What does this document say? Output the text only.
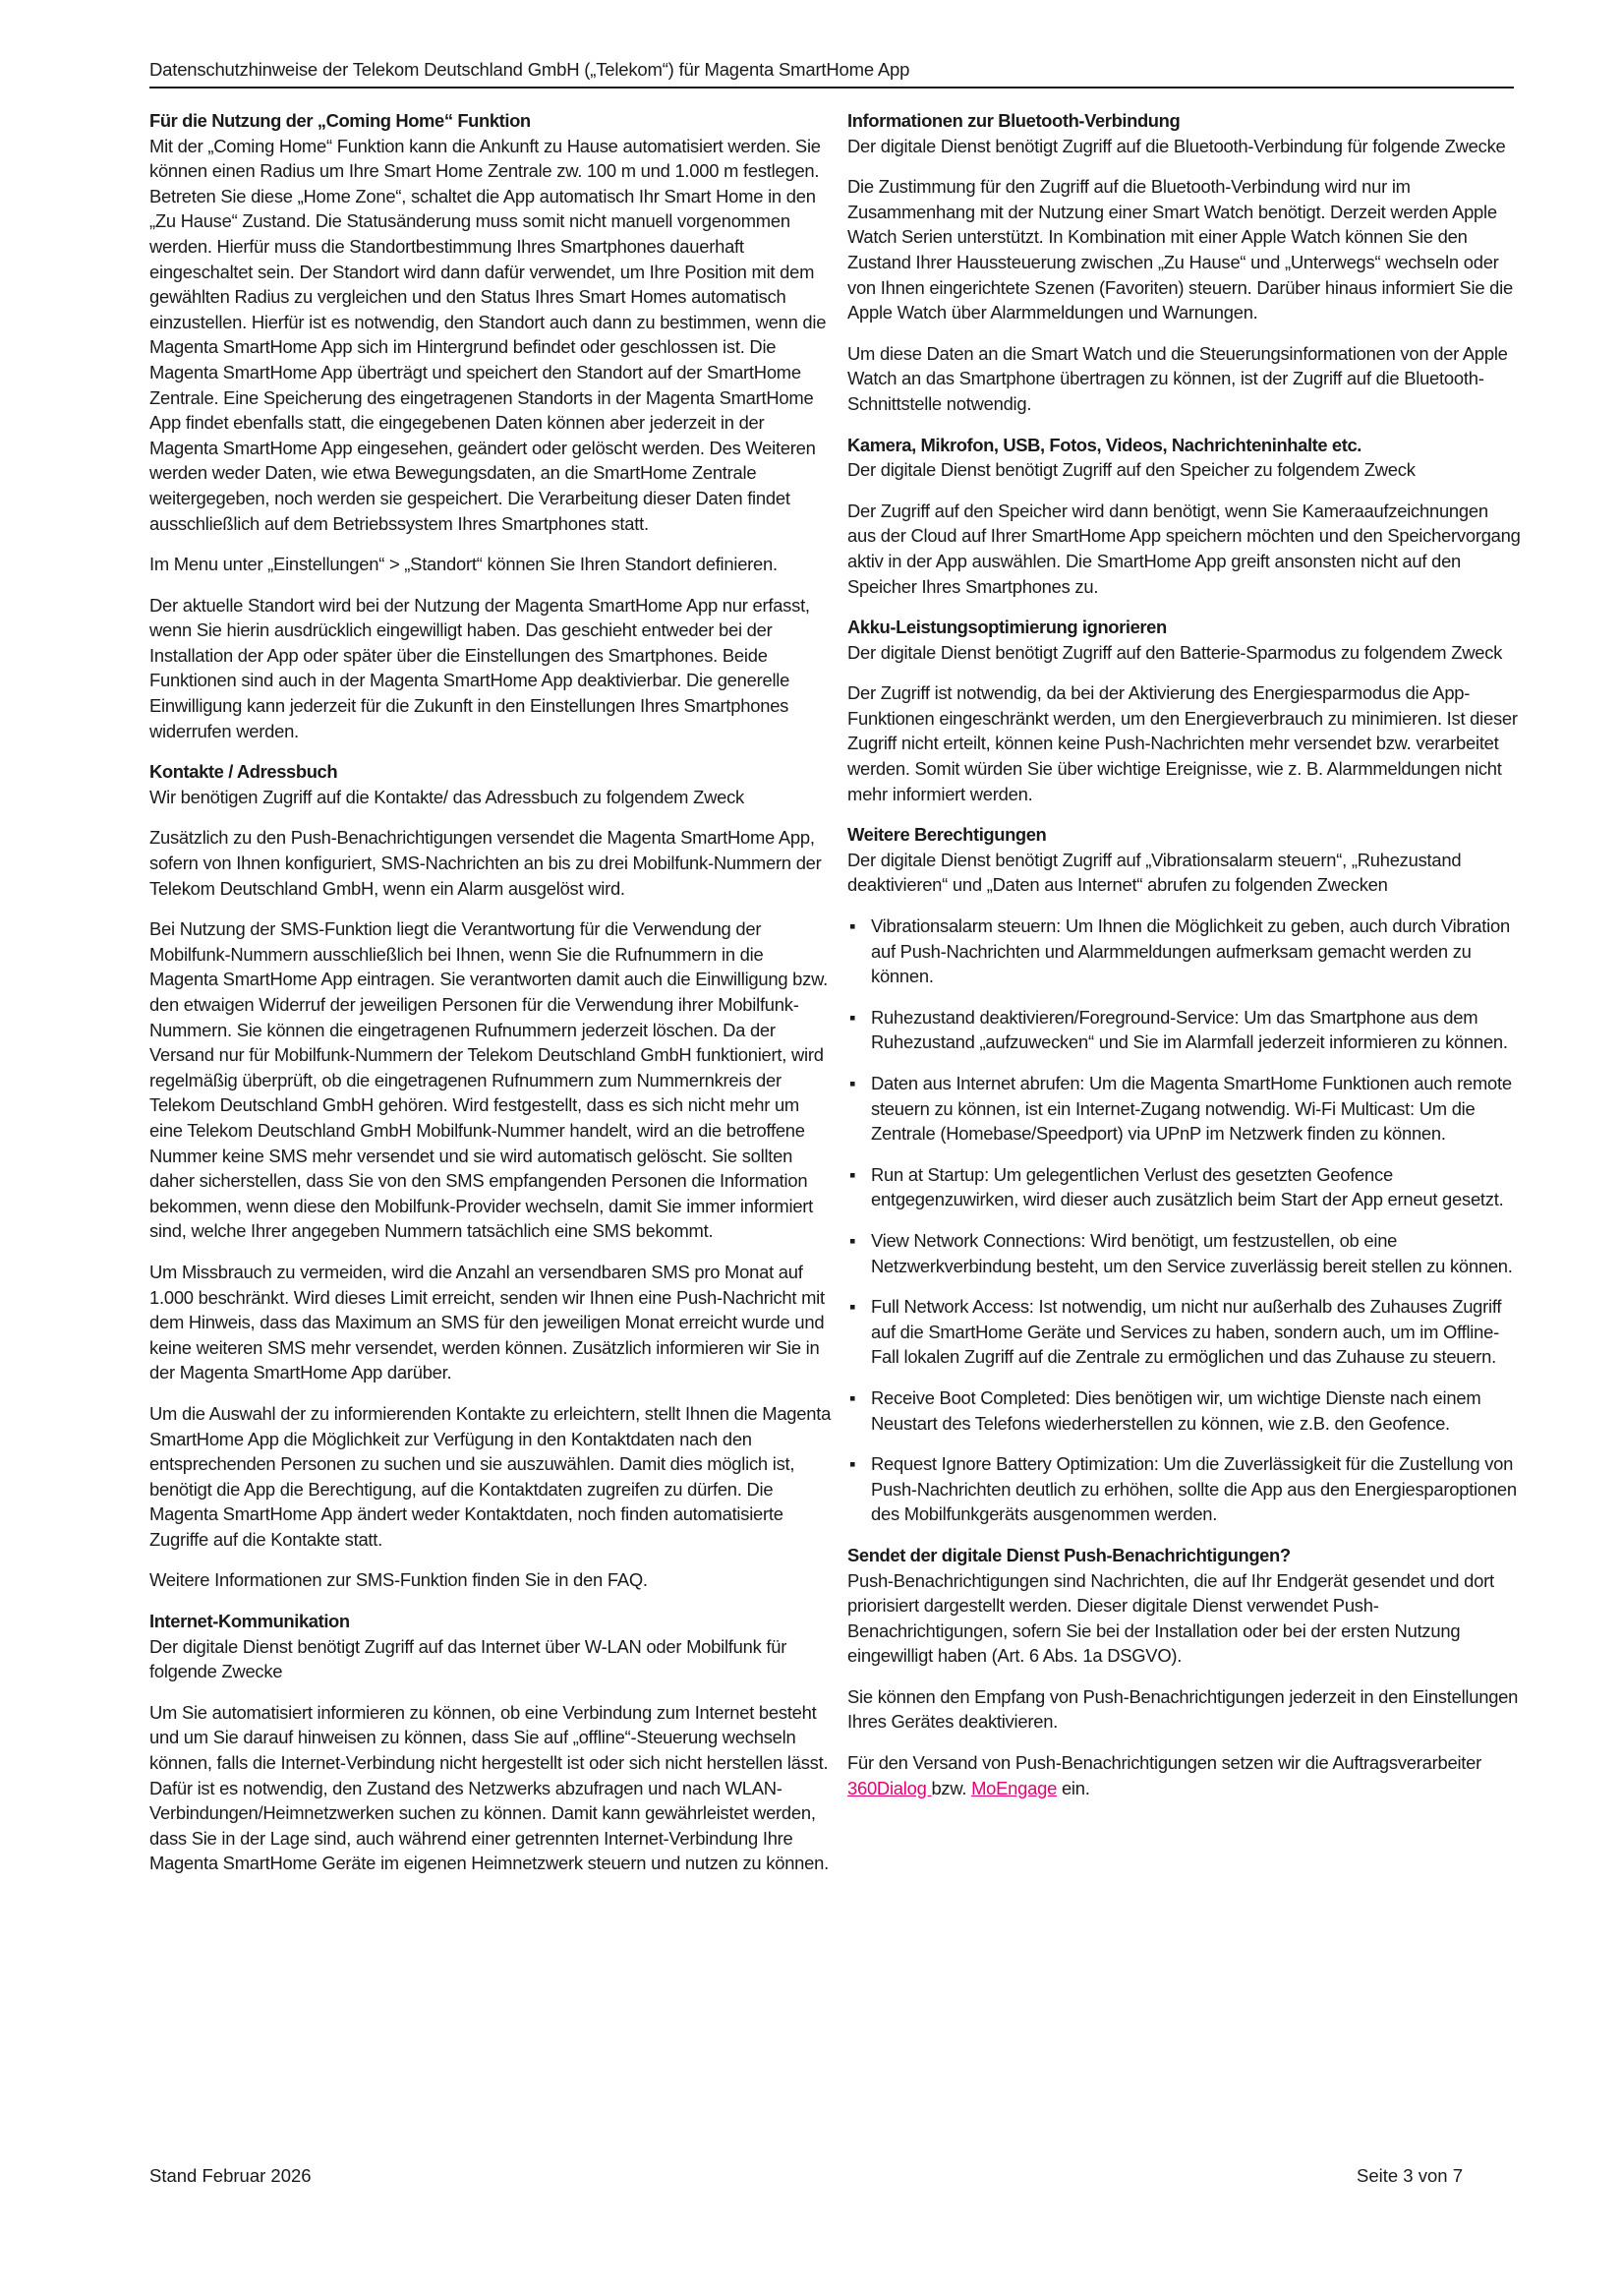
Datenschutzhinweise der Telekom Deutschland GmbH („Telekom“) für Magenta SmartHome App
Für die Nutzung der „Coming Home“ Funktion

Mit der „Coming Home“ Funktion kann die Ankunft zu Hause automatisiert werden. Sie können einen Radius um Ihre Smart Home Zentrale zw. 100 m und 1.000 m festlegen. Betreten Sie diese „Home Zone“, schaltet die App automatisch Ihr Smart Home in den „Zu Hause“ Zustand. Die Statusänderung muss somit nicht manuell vorgenommen werden. Hierfür muss die Standortbestimmung Ihres Smartphones dauerhaft eingeschaltet sein. Der Standort wird dann dafür verwendet, um Ihre Position mit dem gewählten Radius zu vergleichen und den Status Ihres Smart Homes automatisch einzustellen. Hierfür ist es notwendig, den Standort auch dann zu bestimmen, wenn die Magenta SmartHome App sich im Hintergrund befindet oder geschlossen ist. Die Magenta SmartHome App überträgt und speichert den Standort auf der SmartHome Zentrale. Eine Speicherung des eingetragenen Standorts in der Magenta SmartHome App findet ebenfalls statt, die eingegebenen Daten können aber jederzeit in der Magenta SmartHome App eingesehen, geändert oder gelöscht werden. Des Weiteren werden weder Daten, wie etwa Bewegungsdaten, an die SmartHome Zentrale weitergegeben, noch werden sie gespeichert. Die Verarbeitung dieser Daten findet ausschließlich auf dem Betriebssystem Ihres Smartphones statt.

Im Menu unter „Einstellungen“ > „Standort“ können Sie Ihren Standort definieren.

Der aktuelle Standort wird bei der Nutzung der Magenta SmartHome App nur erfasst, wenn Sie hierin ausdrücklich eingewilligt haben. Das geschieht entweder bei der Installation der App oder später über die Einstellungen des Smartphones. Beide Funktionen sind auch in der Magenta SmartHome App deaktivierbar. Die generelle Einwilligung kann jederzeit für die Zukunft in den Einstellungen Ihres Smartphones widerrufen werden.

Kontakte / Adressbuch

Wir benötigen Zugriff auf die Kontakte/ das Adressbuch zu folgendem Zweck

Zusätzlich zu den Push-Benachrichtigungen versendet die Magenta SmartHome App, sofern von Ihnen konfiguriert, SMS-Nachrichten an bis zu drei Mobilfunk-Nummern der Telekom Deutschland GmbH, wenn ein Alarm ausgelöst wird.

Bei Nutzung der SMS-Funktion liegt die Verantwortung für die Verwendung der Mobilfunk-Nummern ausschließlich bei Ihnen, wenn Sie die Rufnummern in die Magenta SmartHome App eintragen. Sie verantworten damit auch die Einwilligung bzw. den etwaigen Widerruf der jeweiligen Personen für die Verwendung ihrer Mobilfunk-Nummern. Sie können die eingetragenen Rufnummern jederzeit löschen. Da der Versand nur für Mobilfunk-Nummern der Telekom Deutschland GmbH funktioniert, wird regelmäßig überprüft, ob die eingetragenen Rufnummern zum Nummernkreis der Telekom Deutschland GmbH gehören. Wird festgestellt, dass es sich nicht mehr um eine Telekom Deutschland GmbH Mobilfunk-Nummer handelt, wird an die betroffene Nummer keine SMS mehr versendet und sie wird automatisch gelöscht. Sie sollten daher sicherstellen, dass Sie von den SMS empfangenden Personen die Information bekommen, wenn diese den Mobilfunk-Provider wechseln, damit Sie immer informiert sind, welche Ihrer angegeben Nummern tatsächlich eine SMS bekommt.

Um Missbrauch zu vermeiden, wird die Anzahl an versendbaren SMS pro Monat auf 1.000 beschränkt. Wird dieses Limit erreicht, senden wir Ihnen eine Push-Nachricht mit dem Hinweis, dass das Maximum an SMS für den jeweiligen Monat erreicht wurde und keine weiteren SMS mehr versendet, werden können. Zusätzlich informieren wir Sie in der Magenta SmartHome App darüber.

Um die Auswahl der zu informierenden Kontakte zu erleichtern, stellt Ihnen die Magenta SmartHome App die Möglichkeit zur Verfügung in den Kontaktdaten nach den entsprechenden Personen zu suchen und sie auszuwählen. Damit dies möglich ist, benötigt die App die Berechtigung, auf die Kontaktdaten zugreifen zu dürfen. Die Magenta SmartHome App ändert weder Kontaktdaten, noch finden automatisierte Zugriffe auf die Kontakte statt.

Weitere Informationen zur SMS-Funktion finden Sie in den FAQ.

Internet-Kommunikation

Der digitale Dienst benötigt Zugriff auf das Internet über W-LAN oder Mobilfunk für folgende Zwecke

Um Sie automatisiert informieren zu können, ob eine Verbindung zum Internet besteht und um Sie darauf hinweisen zu können, dass Sie auf „offline“-Steuerung wechseln können, falls die Internet-Verbindung nicht hergestellt ist oder sich nicht herstellen lässt. Dafür ist es notwendig, den Zustand des Netzwerks abzufragen und nach WLAN-Verbindungen/Heimnetzwerken suchen zu können. Damit kann gewährleistet werden, dass Sie in der Lage sind, auch während einer getrennten Internet-Verbindung Ihre Magenta SmartHome Geräte im eigenen Heimnetzwerk steuern und nutzen zu können.

Informationen zur Bluetooth-Verbindung

Der digitale Dienst benötigt Zugriff auf die Bluetooth-Verbindung für folgende Zwecke

Die Zustimmung für den Zugriff auf die Bluetooth-Verbindung wird nur im Zusammenhang mit der Nutzung einer Smart Watch benötigt. Derzeit werden Apple Watch Serien unterstützt. In Kombination mit einer Apple Watch können Sie den Zustand Ihrer Haussteuerung zwischen „Zu Hause“ und „Unterwegs“ wechseln oder von Ihnen eingerichtete Szenen (Favoriten) steuern. Darüber hinaus informiert Sie die Apple Watch über Alarmmeldungen und Warnungen.

Um diese Daten an die Smart Watch und die Steuerungsinformationen von der Apple Watch an das Smartphone übertragen zu können, ist der Zugriff auf die Bluetooth-Schnittstelle notwendig.

Kamera, Mikrofon, USB, Fotos, Videos, Nachrichteninhalte etc.

Der digitale Dienst benötigt Zugriff auf den Speicher zu folgendem Zweck

Der Zugriff auf den Speicher wird dann benötigt, wenn Sie Kameraaufzeichnungen aus der Cloud auf Ihrer SmartHome App speichern möchten und den Speichervorgang aktiv in der App auswählen. Die SmartHome App greift ansonsten nicht auf den Speicher Ihres Smartphones zu.

Akku-Leistungsoptimierung ignorieren

Der digitale Dienst benötigt Zugriff auf den Batterie-Sparmodus zu folgendem Zweck

Der Zugriff ist notwendig, da bei der Aktivierung des Energiesparmodus die App-Funktionen eingeschränkt werden, um den Energieverbrauch zu minimieren. Ist dieser Zugriff nicht erteilt, können keine Push-Nachrichten mehr versendet bzw. verarbeitet werden. Somit würden Sie über wichtige Ereignisse, wie z. B. Alarmmeldungen nicht mehr informiert werden.

Weitere Berechtigungen

Der digitale Dienst benötigt Zugriff auf „Vibrationsalarm steuern“, „Ruhezustand deaktivieren“ und „Daten aus Internet“ abrufen zu folgenden Zwecken

▪ Vibrationsalarm steuern: Um Ihnen die Möglichkeit zu geben, auch durch Vibration auf Push-Nachrichten und Alarmmeldungen aufmerksam gemacht werden zu können.
▪ Ruhezustand deaktivieren/Foreground-Service: Um das Smartphone aus dem Ruhezustand „aufzuwecken“ und Sie im Alarmfall jederzeit informieren zu können.
▪ Daten aus Internet abrufen: Um die Magenta SmartHome Funktionen auch remote steuern zu können, ist ein Internet-Zugang notwendig. Wi-Fi Multicast: Um die Zentrale (Homebase/Speedport) via UPnP im Netzwerk finden zu können.
▪ Run at Startup: Um gelegentlichen Verlust des gesetzten Geofence entgegenzuwirken, wird dieser auch zusätzlich beim Start der App erneut gesetzt.
▪ View Network Connections: Wird benötigt, um festzustellen, ob eine Netzwerkverbindung besteht, um den Service zuverlässig bereit stellen zu können.
▪ Full Network Access: Ist notwendig, um nicht nur außerhalb des Zuhauses Zugriff auf die SmartHome Geräte und Services zu haben, sondern auch, um im Offline-Fall lokalen Zugriff auf die Zentrale zu ermöglichen und das Zuhause zu steuern.
▪ Receive Boot Completed: Dies benötigen wir, um wichtige Dienste nach einem Neustart des Telefons wiederherstellen zu können, wie z.B. den Geofence.
▪ Request Ignore Battery Optimization: Um die Zuverlässigkeit für die Zustellung von Push-Nachrichten deutlich zu erhöhen, sollte die App aus den Energiesparoptionen des Mobilfunkgeräts ausgenommen werden.
Sendet der digitale Dienst Push-Benachrichtigungen?

Push-Benachrichtigungen sind Nachrichten, die auf Ihr Endgerät gesendet und dort priorisiert dargestellt werden. Dieser digitale Dienst verwendet Push-Benachrichtigungen, sofern Sie bei der Installation oder bei der ersten Nutzung eingewilligt haben (Art. 6 Abs. 1a DSGVO).

Sie können den Empfang von Push-Benachrichtigungen jederzeit in den Einstellungen Ihres Gerätes deaktivieren.

Für den Versand von Push-Benachrichtigungen setzen wir die Auftragsverarbeiter 360Dialog bzw. MoEngage ein.

Stand Februar 2026	Seite 3 von 7
